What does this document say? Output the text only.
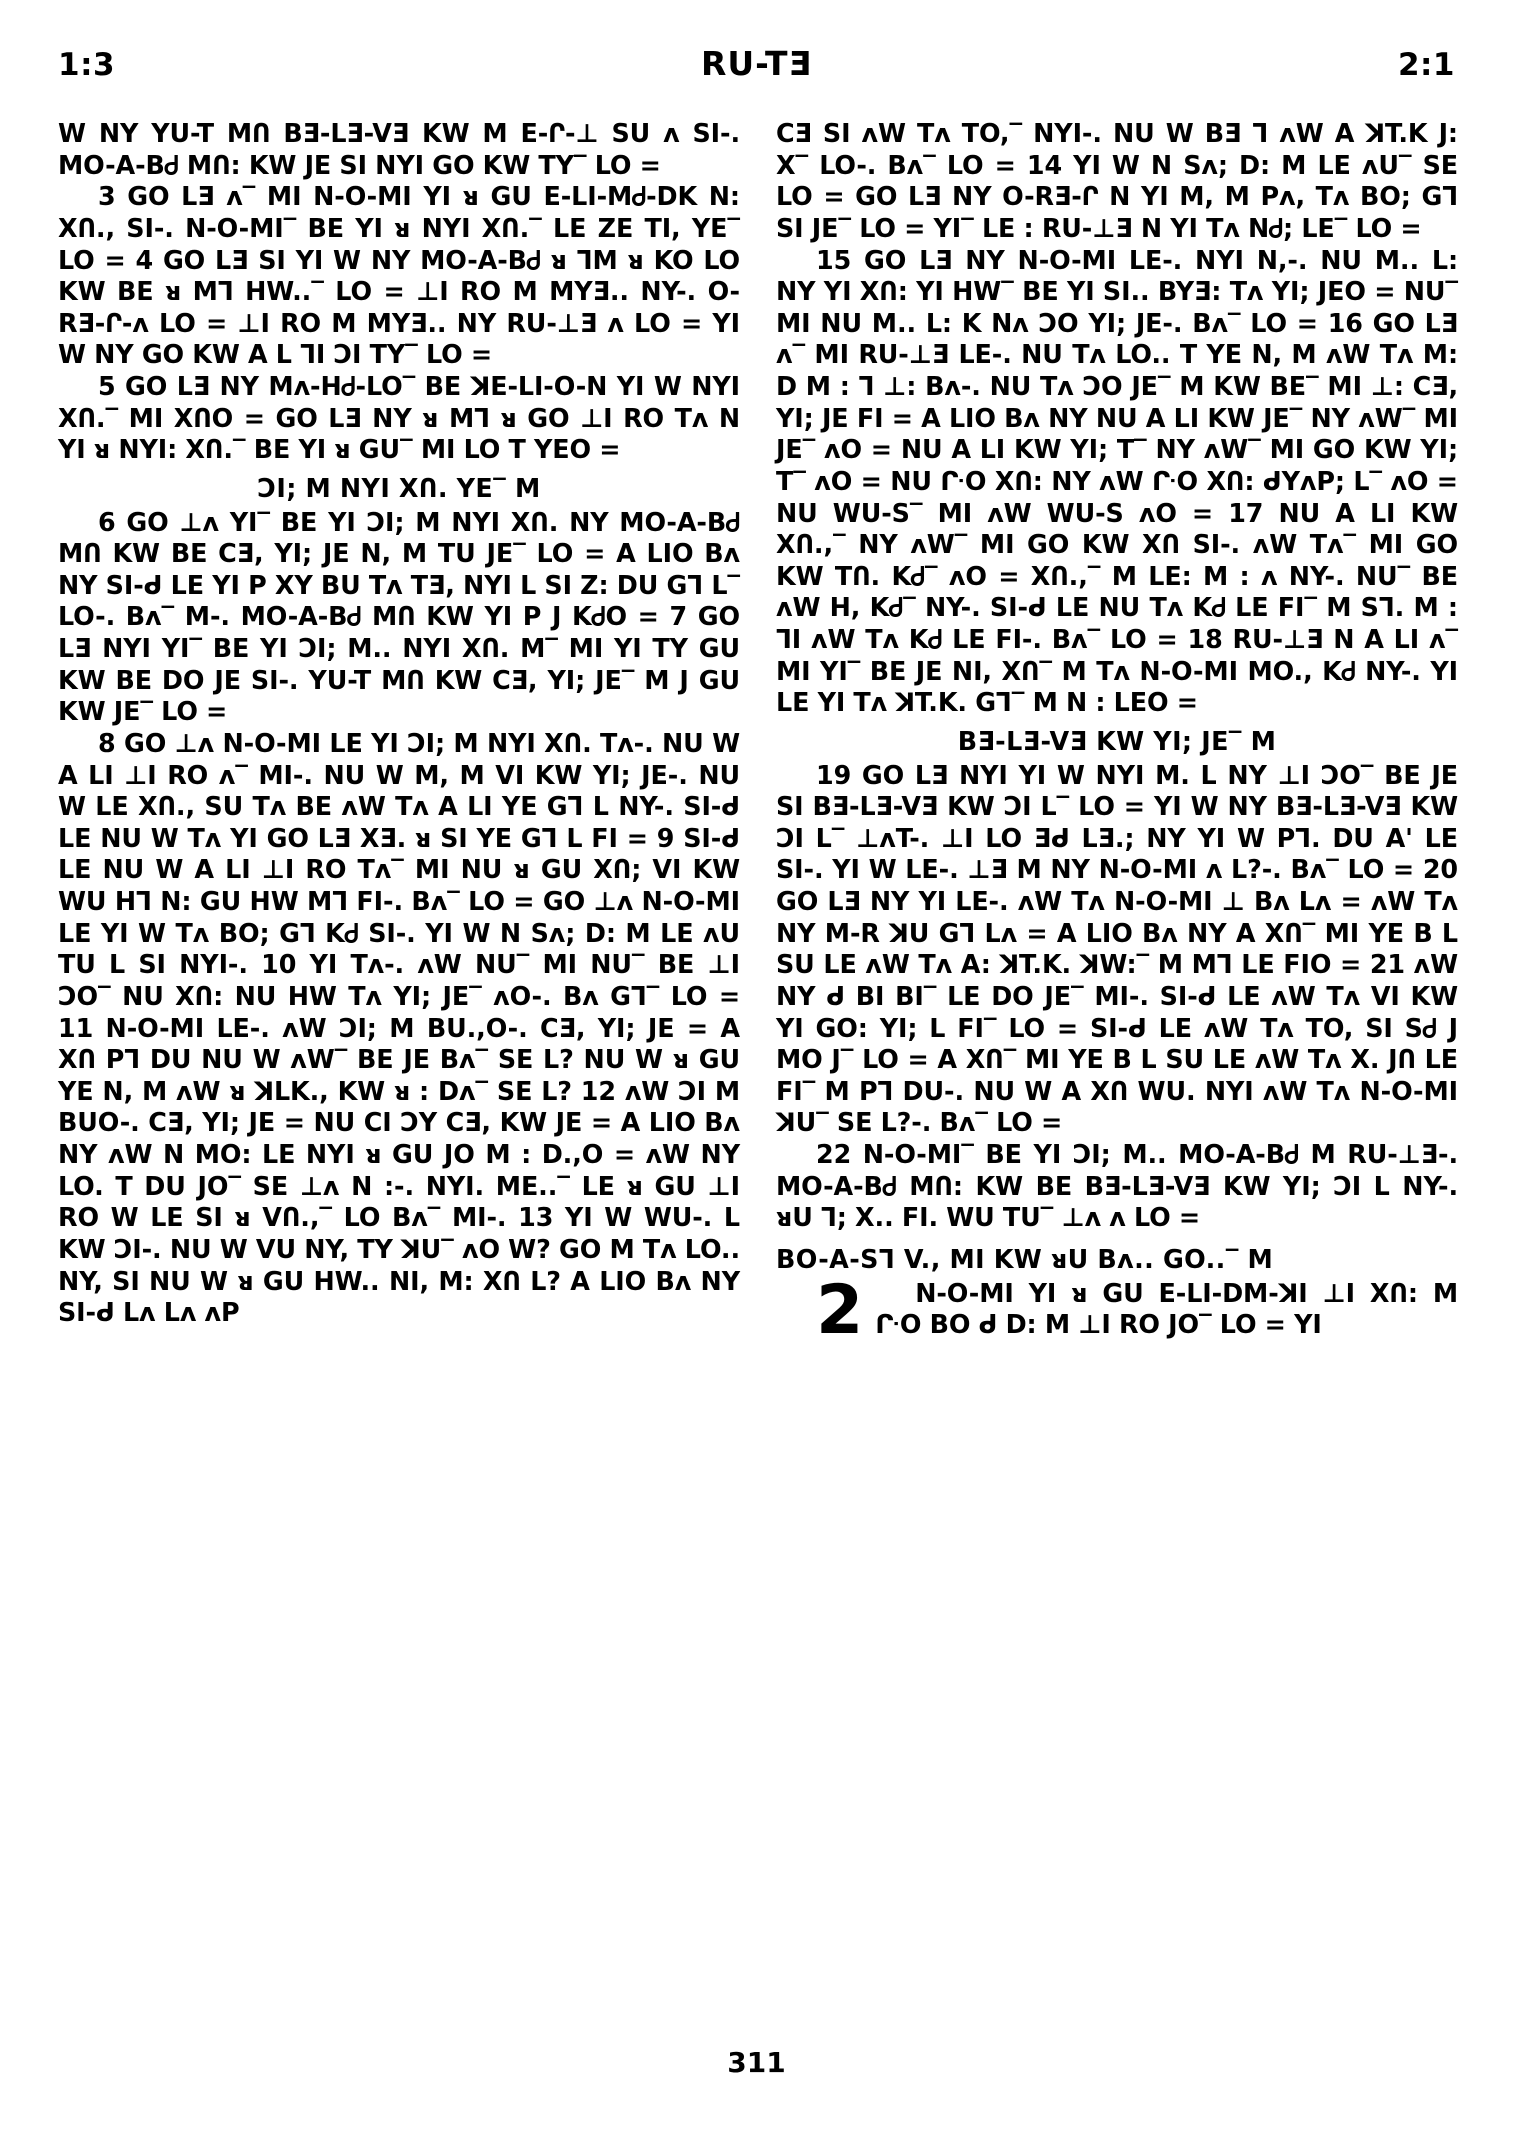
1:3	RU-TƎ	2:1

W NY YU-T MՈ BƎ-LƎ-VƎ KW M E-Ր-⊥ SU ᴧ SI-. MO-A-BᏧ MՈ: KW JE SI NYI GO KW TY‾ LO =

3 GO LƎ ᴧ‾ MI N-O-MI YI ᴚ GU E-LI-MᏧ-DK N: XՈ., SI-. N-O-MI‾ BE YI ᴚ NYI XՈ.‾ LE ZE TI, YE‾ LO = 4 GO LƎ SI YI W NY MO-A-BᏧ ᴚ ᒣM ᴚ KO LO KW BE ᴚ Mᒣ HW..‾ LO = ⊥I RO M MYƎ.. NY-. O-RƎ-Ր-ᴧ LO = ⊥I RO M MYƎ.. NY RU-⊥Ǝ ᴧ LO = YI W NY GO KW A L ᒣI ƆI TY‾ LO =

5 GO LƎ NY Mᴧ-HᏧ-LO‾ BE ꓘE-LI-O-N YI W NYI XՈ.‾ MI XՈO = GO LƎ NY ᴚ Mᒣ ᴚ GO ⊥I RO Tᴧ N YI ᴚ NYI: XՈ.‾ BE YI ᴚ GU‾ MI LO T YEO =

ƆI; M NYI XՈ. YE‾ M

6 GO ⊥ᴧ YI‾ BE YI ƆI; M NYI XՈ. NY MO-A-BᏧ MՈ KW BE CƎ, YI; JE N, M TU JE‾ LO = A LIO Bᴧ NY SI-ᑯ LE YI P XY BU Tᴧ TƎ, NYI L SI Z: DU Gᒣ L‾ LO-. Bᴧ‾ M-. MO-A-BᏧ MՈ KW YI P J KᏧO = 7 GO LƎ NYI YI‾ BE YI ƆI; M.. NYI XՈ. M‾ MI YI TY GU KW BE DO JE SI-. YU-T MՈ KW CƎ, YI; JE‾ M J GU KW JE‾ LO =

8 GO ⊥ᴧ N-O-MI LE YI ƆI; M NYI XՈ. Tᴧ-. NU W A LI ⊥I RO ᴧ‾ MI-. NU W M, M VI KW YI; JE-. NU W LE XՈ., SU Tᴧ BE ᴧW Tᴧ A LI YE Gᒣ L NY-. SI-ᑯ LE NU W Tᴧ YI GO LƎ XƎ. ᴚ SI YE Gᒣ L FI = 9 SI-ᑯ LE NU W A LI ⊥I RO Tᴧ‾ MI NU ᴚ GU XՈ; VI KW WU Hᒣ N: GU HW Mᒣ FI-. Bᴧ‾ LO = GO ⊥ᴧ N-O-MI LE YI W Tᴧ BO; Gᒣ KᏧ SI-. YI W N Sᴧ; D: M LE ᴧU TU L SI NYI-. 10 YI Tᴧ-. ᴧW NU‾ MI NU‾ BE ⊥I ƆO‾ NU XՈ: NU HW Tᴧ YI; JE‾ ᴧO-. Bᴧ Gᒣ‾ LO = 11 N-O-MI LE-. ᴧW ƆI; M BU.,O-. CƎ, YI; JE = A XՈ Pᒣ DU NU W ᴧW‾ BE JE Bᴧ‾ SE L? NU W ᴚ GU YE N, M ᴧW ᴚ ꓘLK., KW ᴚ : Dᴧ‾ SE L? 12 ᴧW ƆI M BUO-. CƎ, YI; JE = NU CI ƆY CƎ, KW JE = A LIO Bᴧ NY ᴧW N MO: LE NYI ᴚ GU JO M : D.,O = ᴧW NY LO. T DU JO‾ SE ⊥ᴧ N :-. NYI. ME..‾ LE ᴚ GU ⊥I RO W LE SI ᴚ VՈ.,‾ LO Bᴧ‾ MI-. 13 YI W WU-. L KW ƆI-. NU W VU NY, TY ꓘU‾ ᴧO W? GO M Tᴧ LO.. NY, SI NU W ᴚ GU HW.. NI, M: XՈ L? A LIO Bᴧ NY SI-ᑯ Lᴧ Lᴧ ᴧP

CƎ SI ᴧW Tᴧ TO,‾ NYI-. NU W BƎ ᒣ ᴧW A ꓘT.K J: X‾ LO-. Bᴧ‾ LO = 14 YI W N Sᴧ; D: M LE ᴧU‾ SE LO = GO LƎ NY O-RƎ-Ր N YI M, M Pᴧ, Tᴧ BO; Gᒣ SI JE‾ LO = YI‾ LE : RU-⊥Ǝ N YI Tᴧ NᏧ; LE‾ LO =

15 GO LƎ NY N-O-MI LE-. NYI N,-. NU M.. L: NY YI XՈ: YI HW‾ BE YI SI.. BYƎ: Tᴧ YI; JEO = NU‾ MI NU M.. L: K Nᴧ ƆO YI; JE-. Bᴧ‾ LO = 16 GO LƎ ᴧ‾ MI RU-⊥Ǝ LE-. NU Tᴧ LO.. T YE N, M ᴧW Tᴧ M: D M : ᒣ ⊥: Bᴧ-. NU Tᴧ ƆO JE‾ M KW BE‾ MI ⊥: CƎ, YI; JE FI = A LIO Bᴧ NY NU A LI KW JE‾ NY ᴧW‾ MI JE‾ ᴧO = NU A LI KW YI; T‾ NY ᴧW‾ MI GO KW YI; T‾ ᴧO = NU ᒕO XՈ: NY ᴧW ᒕO XՈ: ᑯYᴧP; L‾ ᴧO = NU WU-S‾ MI ᴧW WU-S ᴧO = 17 NU A LI KW XՈ.,‾ NY ᴧW‾ MI GO KW XՈ SI-. ᴧW Tᴧ‾ MI GO KW TՈ. KᏧ‾ ᴧO = XՈ.,‾ M LE: M : ᴧ NY-. NU‾ BE ᴧW H, KᏧ‾ NY-. SI-ᑯ LE NU Tᴧ KᏧ LE FI‾ M Sᒣ. M : ᒣI ᴧW Tᴧ KᏧ LE FI-. Bᴧ‾ LO = 18 RU-⊥Ǝ N A LI ᴧ‾ MI YI‾ BE JE NI, XՈ‾ M Tᴧ N-O-MI MO., KᏧ NY-. YI LE YI Tᴧ ꓘT.K. Gᒣ‾ M N : LEO =

BƎ-LƎ-VƎ KW YI; JE‾ M

19 GO LƎ NYI YI W NYI M. L NY ⊥I ƆO‾ BE JE SI BƎ-LƎ-VƎ KW ƆI L‾ LO = YI W NY BƎ-LƎ-VƎ KW ƆI L‾ ⊥ᴧT-. ⊥I LO Ǝᑯ LƎ.; NY YI W Pᒣ. DU A' LE SI-. YI W LE-. ⊥Ǝ M NY N-O-MI ᴧ L?-. Bᴧ‾ LO = 20 GO LƎ NY YI LE-. ᴧW Tᴧ N-O-MI ⊥ Bᴧ Lᴧ = ᴧW Tᴧ NY M-R ꓘU Gᒣ Lᴧ = A LIO Bᴧ NY A XՈ‾ MI YE B L SU LE ᴧW Tᴧ A: ꓘT.K. ꓘW:‾ M Mᒣ LE FIO = 21 ᴧW NY ᑯ BI BI‾ LE DO JE‾ MI-. SI-ᑯ LE ᴧW Tᴧ VI KW YI GO: YI; L FI‾ LO = SI-ᑯ LE ᴧW Tᴧ TO, SI SᏧ J MO J‾ LO = A XՈ‾ MI YE B L SU LE ᴧW Tᴧ X. JՈ LE FI‾ M Pᒣ DU-. NU W A XՈ WU. NYI ᴧW Tᴧ N-O-MI ꓘU‾ SE L?-. Bᴧ‾ LO =

22 N-O-MI‾ BE YI ƆI; M.. MO-A-BᏧ M RU-⊥Ǝ-. MO-A-BᏧ MՈ: KW BE BƎ-LƎ-VƎ KW YI; ƆI L NY-. ᴚU ᒣ; X.. FI. WU TU‾ ⊥ᴧ ᴧ LO =

BO-A-Sᒣ V., MI KW ᴚU Bᴧ.. GO..‾ M

2 N-O-MI YI ᴚ GU E-LI-DM-ꓘI ⊥I XՈ: M ᒕO BO ᑯ D: M ⊥I RO JO‾ LO = YI

311
